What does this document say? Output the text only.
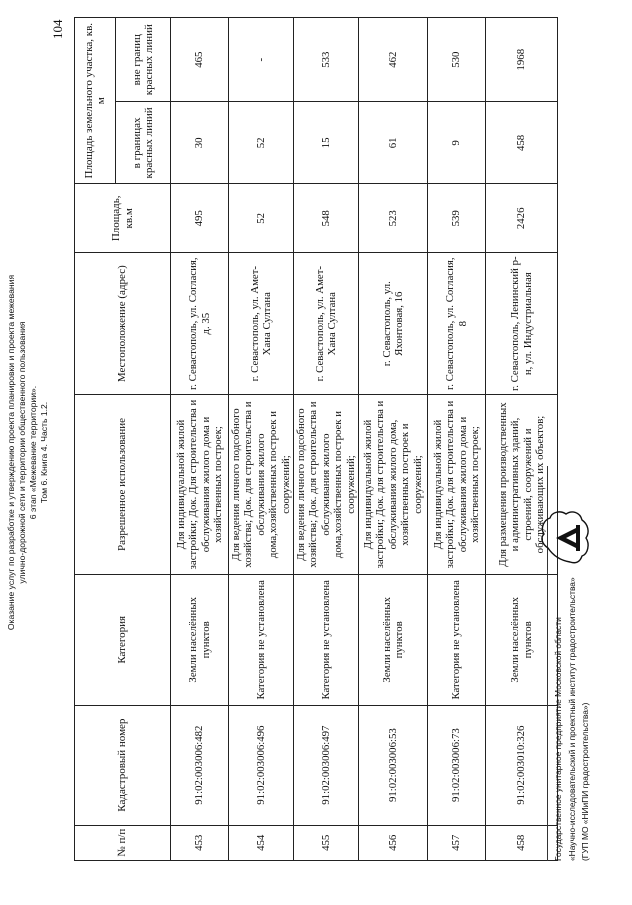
Оказание услуг по разработке и утверждению проекта планировки и проекта межевания улично-дорожной сети и территории общественного пользования 6 этап «Межевание территории». Том 6. Книга 4. Часть 1.2.
104
№ п/п	Кадастровый номер	Категория	Разрешенное использование	Местоположение (адрес)	Площадь, кв.м	Площадь земельного участка, кв. м	
						в границах красных линий	вне границ красных линий
453	91:02:003006:482	Земли населённых пунктов	Для индивидуальной жилой застройки; Док. Для строительства и обслуживания жилого дома и хозяйственных построек;	г. Севастополь, ул. Согласия, д. 35	495	30	465
454	91:02:003006:496	Категория не установлена	Для ведения личного подсобного хозяйства; Док. для строительства и обслуживания жилого дома,хозяйственных построек и сооружений;	г. Севастополь, ул. Амет-Хана Султана	52	52	-
455	91:02:003006:497	Категория не установлена	Для ведения личного подсобного хозяйства; Док. для строительства и обслуживания жилого дома,хозяйственных построек и сооружений;	г. Севастополь, ул. Амет-Хана Султана	548	15	533
456	91:02:003006:53	Земли населённых пунктов	Для индивидуальной жилой застройки; Док. для строительства и обслуживания жилого дома, хозяйственных построек и сооружений;	г. Севастополь, ул. Яхонтовая, 16	523	61	462
457	91:02:003006:73	Категория не установлена	Для индивидуальной жилой застройки; Док. для строительства и обслуживания жилого дома и хозяйственных построек;	г. Севастополь, ул. Согласия, 8	539	9	530
458	91:02:003010:326	Земли населённых пунктов	Для размещения производственных и административных зданий, строений, сооружений и обслуживающих их объектов;	г. Севастополь, Ленинский р-н, ул. Индустриальная	2426	458	1968
Государственное унитарное предприятие Московской области «Научно-исследовательский и проектный институт градостроительства» (ГУП МО «НИиПИ градостроительства»)
